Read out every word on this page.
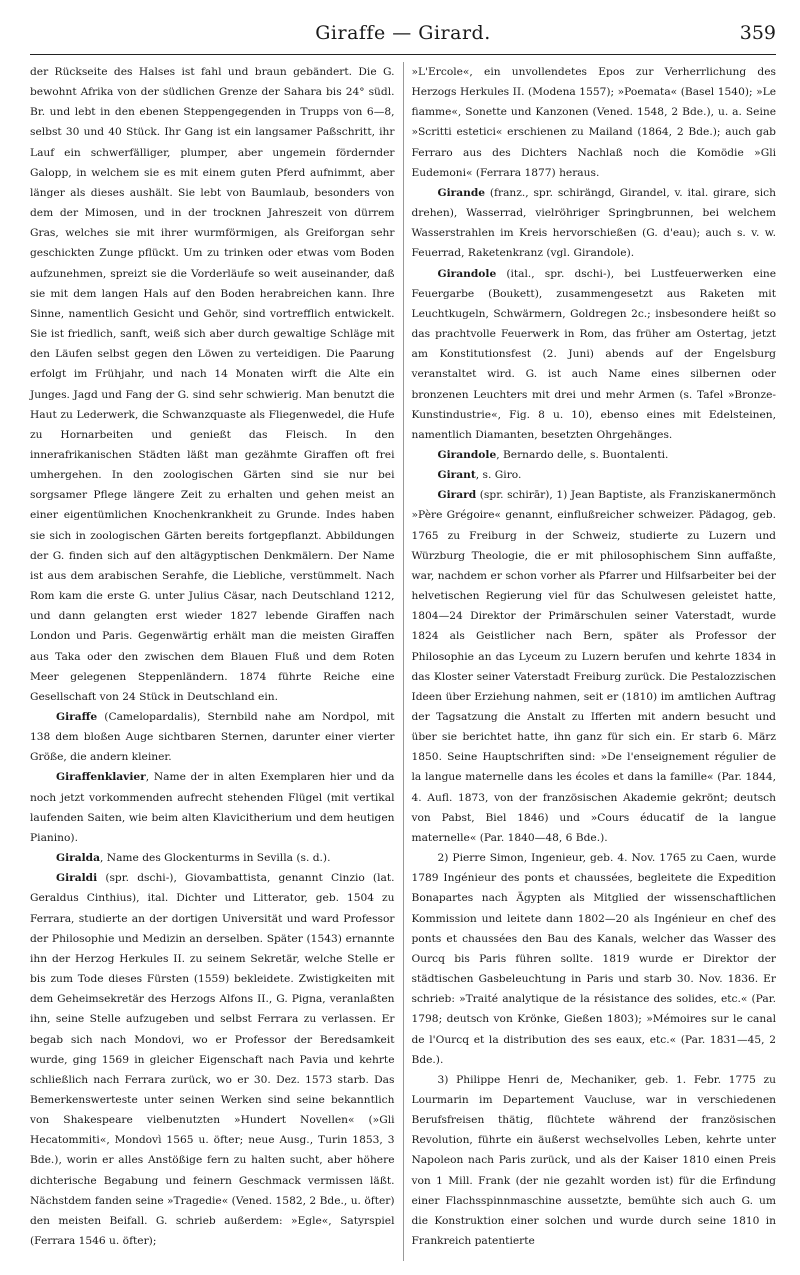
Giraffe — Girard.	359

der Rückseite des Halses ist fahl und braun gebändert. Die G. bewohnt Afrika von der südlichen Grenze der Sahara bis 24° südl. Br. und lebt in den ebenen Steppengegenden in Trupps von 6—8, selbst 30 und 40 Stück. Ihr Gang ist ein langsamer Paßschritt, ihr Lauf ein schwerfälliger, plumper, aber ungemein fördernder Galopp, in welchem sie es mit einem guten Pferd aufnimmt, aber länger als dieses aushält. Sie lebt von Baumlaub, besonders von dem der Mimosen, und in der trocknen Jahreszeit von dürrem Gras, welches sie mit ihrer wurmförmigen, als Greiforgan sehr geschickten Zunge pflückt. Um zu trinken oder etwas vom Boden aufzunehmen, spreizt sie die Vorderläufe so weit auseinander, daß sie mit dem langen Hals auf den Boden herabreichen kann. Ihre Sinne, namentlich Gesicht und Gehör, sind vortrefflich entwickelt. Sie ist friedlich, sanft, weiß sich aber durch gewaltige Schläge mit den Läufen selbst gegen den Löwen zu verteidigen. Die Paarung erfolgt im Frühjahr, und nach 14 Monaten wirft die Alte ein Junges. Jagd und Fang der G. sind sehr schwierig. Man benutzt die Haut zu Lederwerk, die Schwanzquaste als Fliegenwedel, die Hufe zu Hornarbeiten und genießt das Fleisch. In den innerafrikanischen Städten läßt man gezähmte Giraffen oft frei umhergehen. In den zoologischen Gärten sind sie nur bei sorgsamer Pflege längere Zeit zu erhalten und gehen meist an einer eigentümlichen Knochenkrankheit zu Grunde. Indes haben sie sich in zoologischen Gärten bereits fortgepflanzt. Abbildungen der G. finden sich auf den altägyptischen Denkmälern. Der Name ist aus dem arabischen Serahfe, die Liebliche, verstümmelt. Nach Rom kam die erste G. unter Julius Cäsar, nach Deutschland 1212, und dann gelangten erst wieder 1827 lebende Giraffen nach London und Paris. Gegenwärtig erhält man die meisten Giraffen aus Taka oder den zwischen dem Blauen Fluß und dem Roten Meer gelegenen Steppenländern. 1874 führte Reiche eine Gesellschaft von 24 Stück in Deutschland ein.

Giraffe (Camelopardalis), Sternbild nahe am Nordpol, mit 138 dem bloßen Auge sichtbaren Sternen, darunter einer vierter Größe, die andern kleiner.

Giraffenklavier, Name der in alten Exemplaren hier und da noch jetzt vorkommenden aufrecht stehenden Flügel (mit vertikal laufenden Saiten, wie beim alten Klavicitherium und dem heutigen Pianino).

Giralda, Name des Glockenturms in Sevilla (s. d.).

Giraldi (spr. dschi-), Giovambattista, genannt Cinzio (lat. Geraldus Cinthius), ital. Dichter und Litterator, geb. 1504 zu Ferrara, studierte an der dortigen Universität und ward Professor der Philosophie und Medizin an derselben. Später (1543) ernannte ihn der Herzog Herkules II. zu seinem Sekretär, welche Stelle er bis zum Tode dieses Fürsten (1559) bekleidete. Zwistigkeiten mit dem Geheimsekretär des Herzogs Alfons II., G. Pigna, veranlaßten ihn, seine Stelle aufzugeben und selbst Ferrara zu verlassen. Er begab sich nach Mondovi, wo er Professor der Beredsamkeit wurde, ging 1569 in gleicher Eigenschaft nach Pavia und kehrte schließlich nach Ferrara zurück, wo er 30. Dez. 1573 starb. Das Bemerkenswerteste unter seinen Werken sind seine bekanntlich von Shakespeare vielbenutzten »Hundert Novellen« (»Gli Hecatommiti«, Mondovì 1565 u. öfter; neue Ausg., Turin 1853, 3 Bde.), worin er alles Anstößige fern zu halten sucht, aber höhere dichterische Begabung und feinern Geschmack vermissen läßt. Nächstdem fanden seine »Tragedie« (Vened. 1582, 2 Bde., u. öfter) den meisten Beifall. G. schrieb außerdem: »Egle«, Satyrspiel (Ferrara 1546 u. öfter);

»L'Ercole«, ein unvollendetes Epos zur Verherrlichung des Herzogs Herkules II. (Modena 1557); »Poemata« (Basel 1540); »Le fiamme«, Sonette und Kanzonen (Vened. 1548, 2 Bde.), u. a. Seine »Scritti estetici« erschienen zu Mailand (1864, 2 Bde.); auch gab Ferraro aus des Dichters Nachlaß noch die Komödie »Gli Eudemoni« (Ferrara 1877) heraus.

Girande (franz., spr. schirängd, Girandel, v. ital. girare, sich drehen), Wasserrad, vielröhriger Springbrunnen, bei welchem Wasserstrahlen im Kreis hervorschießen (G. d'eau); auch s. v. w. Feuerrad, Raketenkranz (vgl. Girandole).

Girandole (ital., spr. dschi-), bei Lustfeuerwerken eine Feuergarbe (Boukett), zusammengesetzt aus Raketen mit Leuchtkugeln, Schwärmern, Goldregen 2c.; insbesondere heißt so das prachtvolle Feuerwerk in Rom, das früher am Ostertag, jetzt am Konstitutionsfest (2. Juni) abends auf der Engelsburg veranstaltet wird. G. ist auch Name eines silbernen oder bronzenen Leuchters mit drei und mehr Armen (s. Tafel »Bronze-Kunstindustrie«, Fig. 8 u. 10), ebenso eines mit Edelsteinen, namentlich Diamanten, besetzten Ohrgehänges.

Girandole, Bernardo delle, s. Buontalenti.

Girant, s. Giro.

Girard (spr. schirār), 1) Jean Baptiste, als Franziskanermönch »Père Grégoire« genannt, einflußreicher schweizer. Pädagog, geb. 1765 zu Freiburg in der Schweiz, studierte zu Luzern und Würzburg Theologie, die er mit philosophischem Sinn auffaßte, war, nachdem er schon vorher als Pfarrer und Hilfsarbeiter bei der helvetischen Regierung viel für das Schulwesen geleistet hatte, 1804—24 Direktor der Primärschulen seiner Vaterstadt, wurde 1824 als Geistlicher nach Bern, später als Professor der Philosophie an das Lyceum zu Luzern berufen und kehrte 1834 in das Kloster seiner Vaterstadt Freiburg zurück. Die Pestalozzischen Ideen über Erziehung nahmen, seit er (1810) im amtlichen Auftrag der Tagsatzung die Anstalt zu Ifferten mit andern besucht und über sie berichtet hatte, ihn ganz für sich ein. Er starb 6. März 1850. Seine Hauptschriften sind: »De l'enseignement régulier de la langue maternelle dans les écoles et dans la famille« (Par. 1844, 4. Aufl. 1873, von der französischen Akademie gekrönt; deutsch von Pabst, Biel 1846) und »Cours éducatif de la langue maternelle« (Par. 1840—48, 6 Bde.).

2) Pierre Simon, Ingenieur, geb. 4. Nov. 1765 zu Caen, wurde 1789 Ingénieur des ponts et chaussées, begleitete die Expedition Bonapartes nach Ägypten als Mitglied der wissenschaftlichen Kommission und leitete dann 1802—20 als Ingénieur en chef des ponts et chaussées den Bau des Kanals, welcher das Wasser des Ourcq bis Paris führen sollte. 1819 wurde er Direktor der städtischen Gasbeleuchtung in Paris und starb 30. Nov. 1836. Er schrieb: »Traité analytique de la résistance des solides, etc.« (Par. 1798; deutsch von Krönke, Gießen 1803); »Mémoires sur le canal de l'Ourcq et la distribution des ses eaux, etc.« (Par. 1831—45, 2 Bde.).

3) Philippe Henri de, Mechaniker, geb. 1. Febr. 1775 zu Lourmarin im Departement Vaucluse, war in verschiedenen Berufsfreisen thätig, flüchtete während der französischen Revolution, führte ein äußerst wechselvolles Leben, kehrte unter Napoleon nach Paris zurück, und als der Kaiser 1810 einen Preis von 1 Mill. Frank (der nie gezahlt worden ist) für die Erfindung einer Flachsspinnmaschine aussetzte, bemühte sich auch G. um die Konstruktion einer solchen und wurde durch seine 1810 in Frankreich patentierte
